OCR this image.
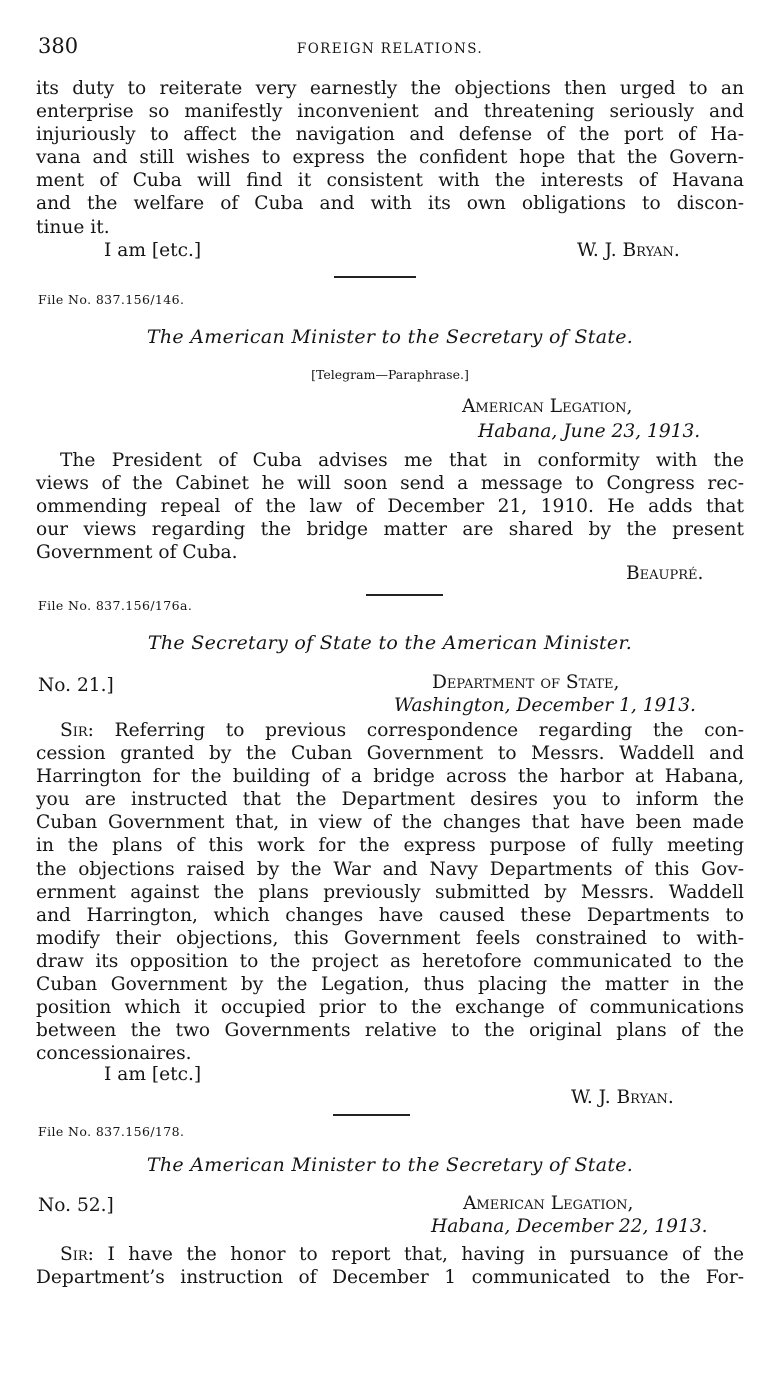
380	FOREIGN RELATIONS.
its duty to reiterate very earnestly the objections then urged to an
enterprise so manifestly inconvenient and threatening seriously and
injuriously to affect the navigation and defense of the port of Ha-
vana and still wishes to express the confident hope that the Govern-
ment of Cuba will find it consistent with the interests of Havana
and the welfare of Cuba and with its own obligations to discon-
tinue it.
I am [etc.]	W. J. Bryan.
File No. 837.156/146.
The American Minister to the Secretary of State.
[Telegram—Paraphrase.]
American Legation,
Habana, June 23, 1913.
The President of Cuba advises me that in conformity with the
views of the Cabinet he will soon send a message to Congress rec-
ommending repeal of the law of December 21, 1910. He adds that
our views regarding the bridge matter are shared by the present
Government of Cuba.
Beaupré.
File No. 837.156/176a.
The Secretary of State to the American Minister.
No. 21.]	Department of State,
Washington, December 1, 1913.
Sir: Referring to previous correspondence regarding the con-
cession granted by the Cuban Government to Messrs. Waddell and
Harrington for the building of a bridge across the harbor at Habana,
you are instructed that the Department desires you to inform the
Cuban Government that, in view of the changes that have been made
in the plans of this work for the express purpose of fully meeting
the objections raised by the War and Navy Departments of this Gov-
ernment against the plans previously submitted by Messrs. Waddell
and Harrington, which changes have caused these Departments to
modify their objections, this Government feels constrained to with-
draw its opposition to the project as heretofore communicated to the
Cuban Government by the Legation, thus placing the matter in the
position which it occupied prior to the exchange of communications
between the two Governments relative to the original plans of the
concessionaires.
I am [etc.]
W. J. Bryan.
File No. 837.156/178.
The American Minister to the Secretary of State.
No. 52.]	American Legation,
Habana, December 22, 1913.
Sir: I have the honor to report that, having in pursuance of the
Department’s instruction of December 1 communicated to the For-
